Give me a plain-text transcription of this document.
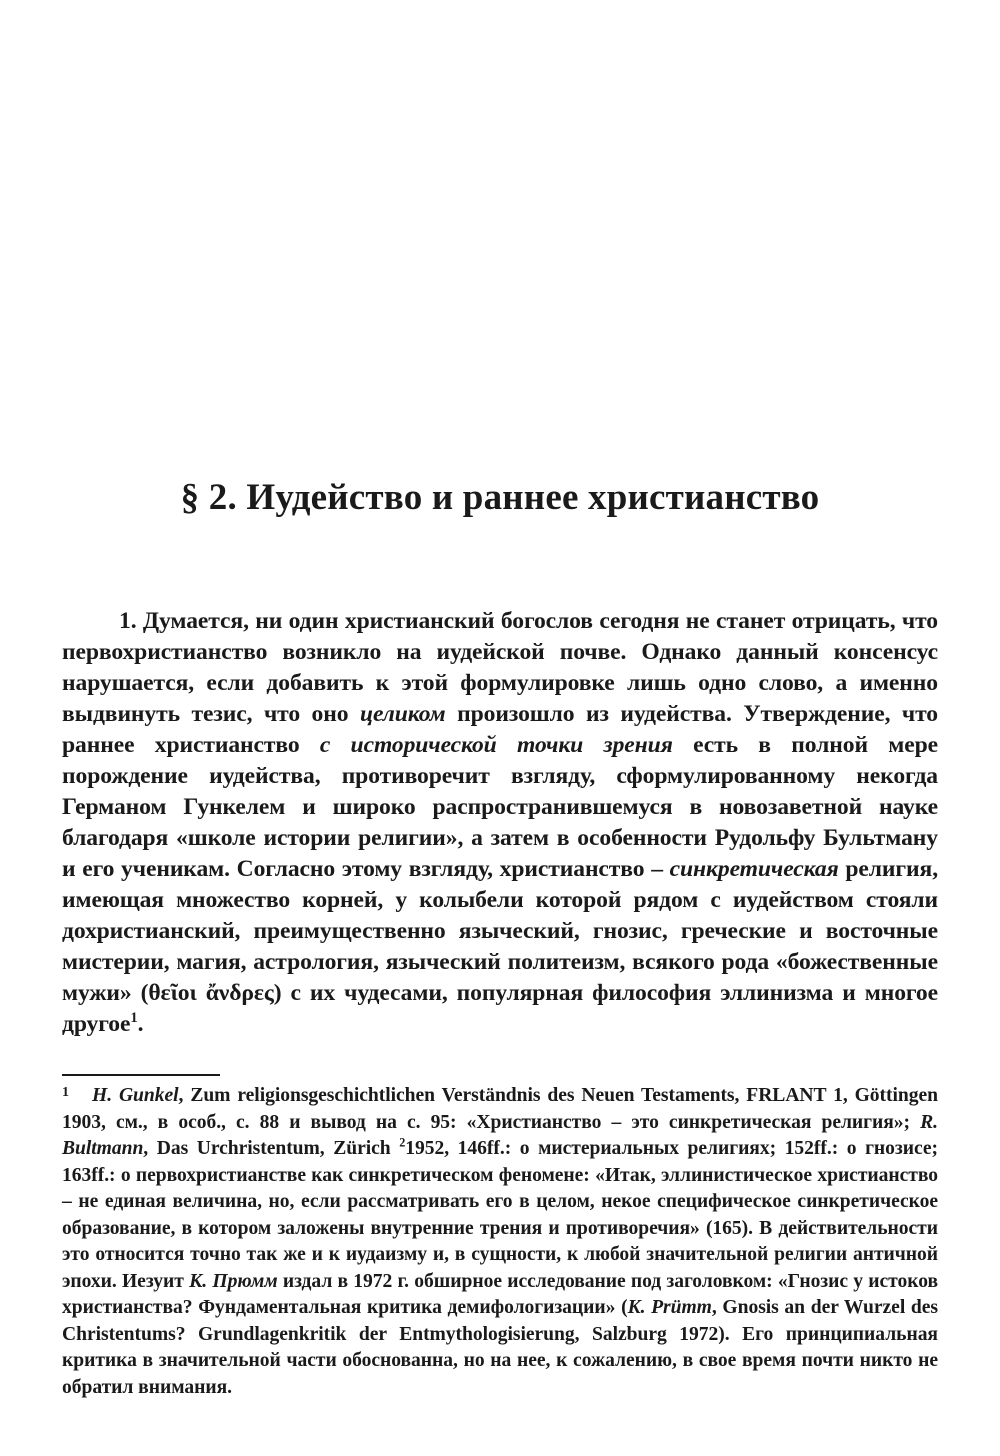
§ 2. Иудейство и раннее христианство

1. Думается, ни один христианский богослов сегодня не станет отрицать, что первохристианство возникло на иудейской почве. Однако данный консенсус нарушается, если добавить к этой формулировке лишь одно слово, а именно выдвинуть тезис, что оно целиком произошло из иудейства. Утверждение, что раннее христианство с исторической точки зрения есть в полной мере порождение иудейства, противоречит взгляду, сформулированному некогда Германом Гункелем и широко распространившемуся в новозаветной науке благодаря «школе истории религии», а затем в особенности Рудольфу Бультману и его ученикам. Согласно этому взгляду, христианство – синкретическая религия, имеющая множество корней, у колыбели которой рядом с иудейством стояли дохристианский, преимущественно языческий, гнозис, греческие и восточные мистерии, магия, астрология, языческий политеизм, всякого рода «божественные мужи» (θεῖοι ἄνδρες) с их чудесами, популярная философия эллинизма и многое другое$^1$.

1 H. Gunkel, Zum religionsgeschichtlichen Verständnis des Neuen Testaments, FRLANT 1, Göttingen 1903, см., в особ., с. 88 и вывод на с. 95: «Христианство – это синкретическая религия»; R. Bultmann, Das Urchristentum, Zürich $^2$1952, 146ff.: о мистериальных религиях; 152ff.: о гнозисе; 163ff.: о первохристианстве как синкретическом феномене: «Итак, эллинистическое христианство – не единая величина, но, если рассматривать его в целом, некое специфическое синкретическое образование, в котором заложены внутренние трения и противоречия» (165). В действительности это относится точно так же и к иудаизму и, в сущности, к любой значительной религии античной эпохи. Иезуит К. Прюмм издал в 1972 г. обширное исследование под заголовком: «Гнозис у истоков христианства? Фундаментальная критика демифологизации» (K. Prümm, Gnosis an der Wurzel des Christentums? Grundlagenkritik der Entmythologisierung, Salzburg 1972). Его принципиальная критика в значительной части обоснованна, но на нее, к сожалению, в свое время почти никто не обратил внимания.
